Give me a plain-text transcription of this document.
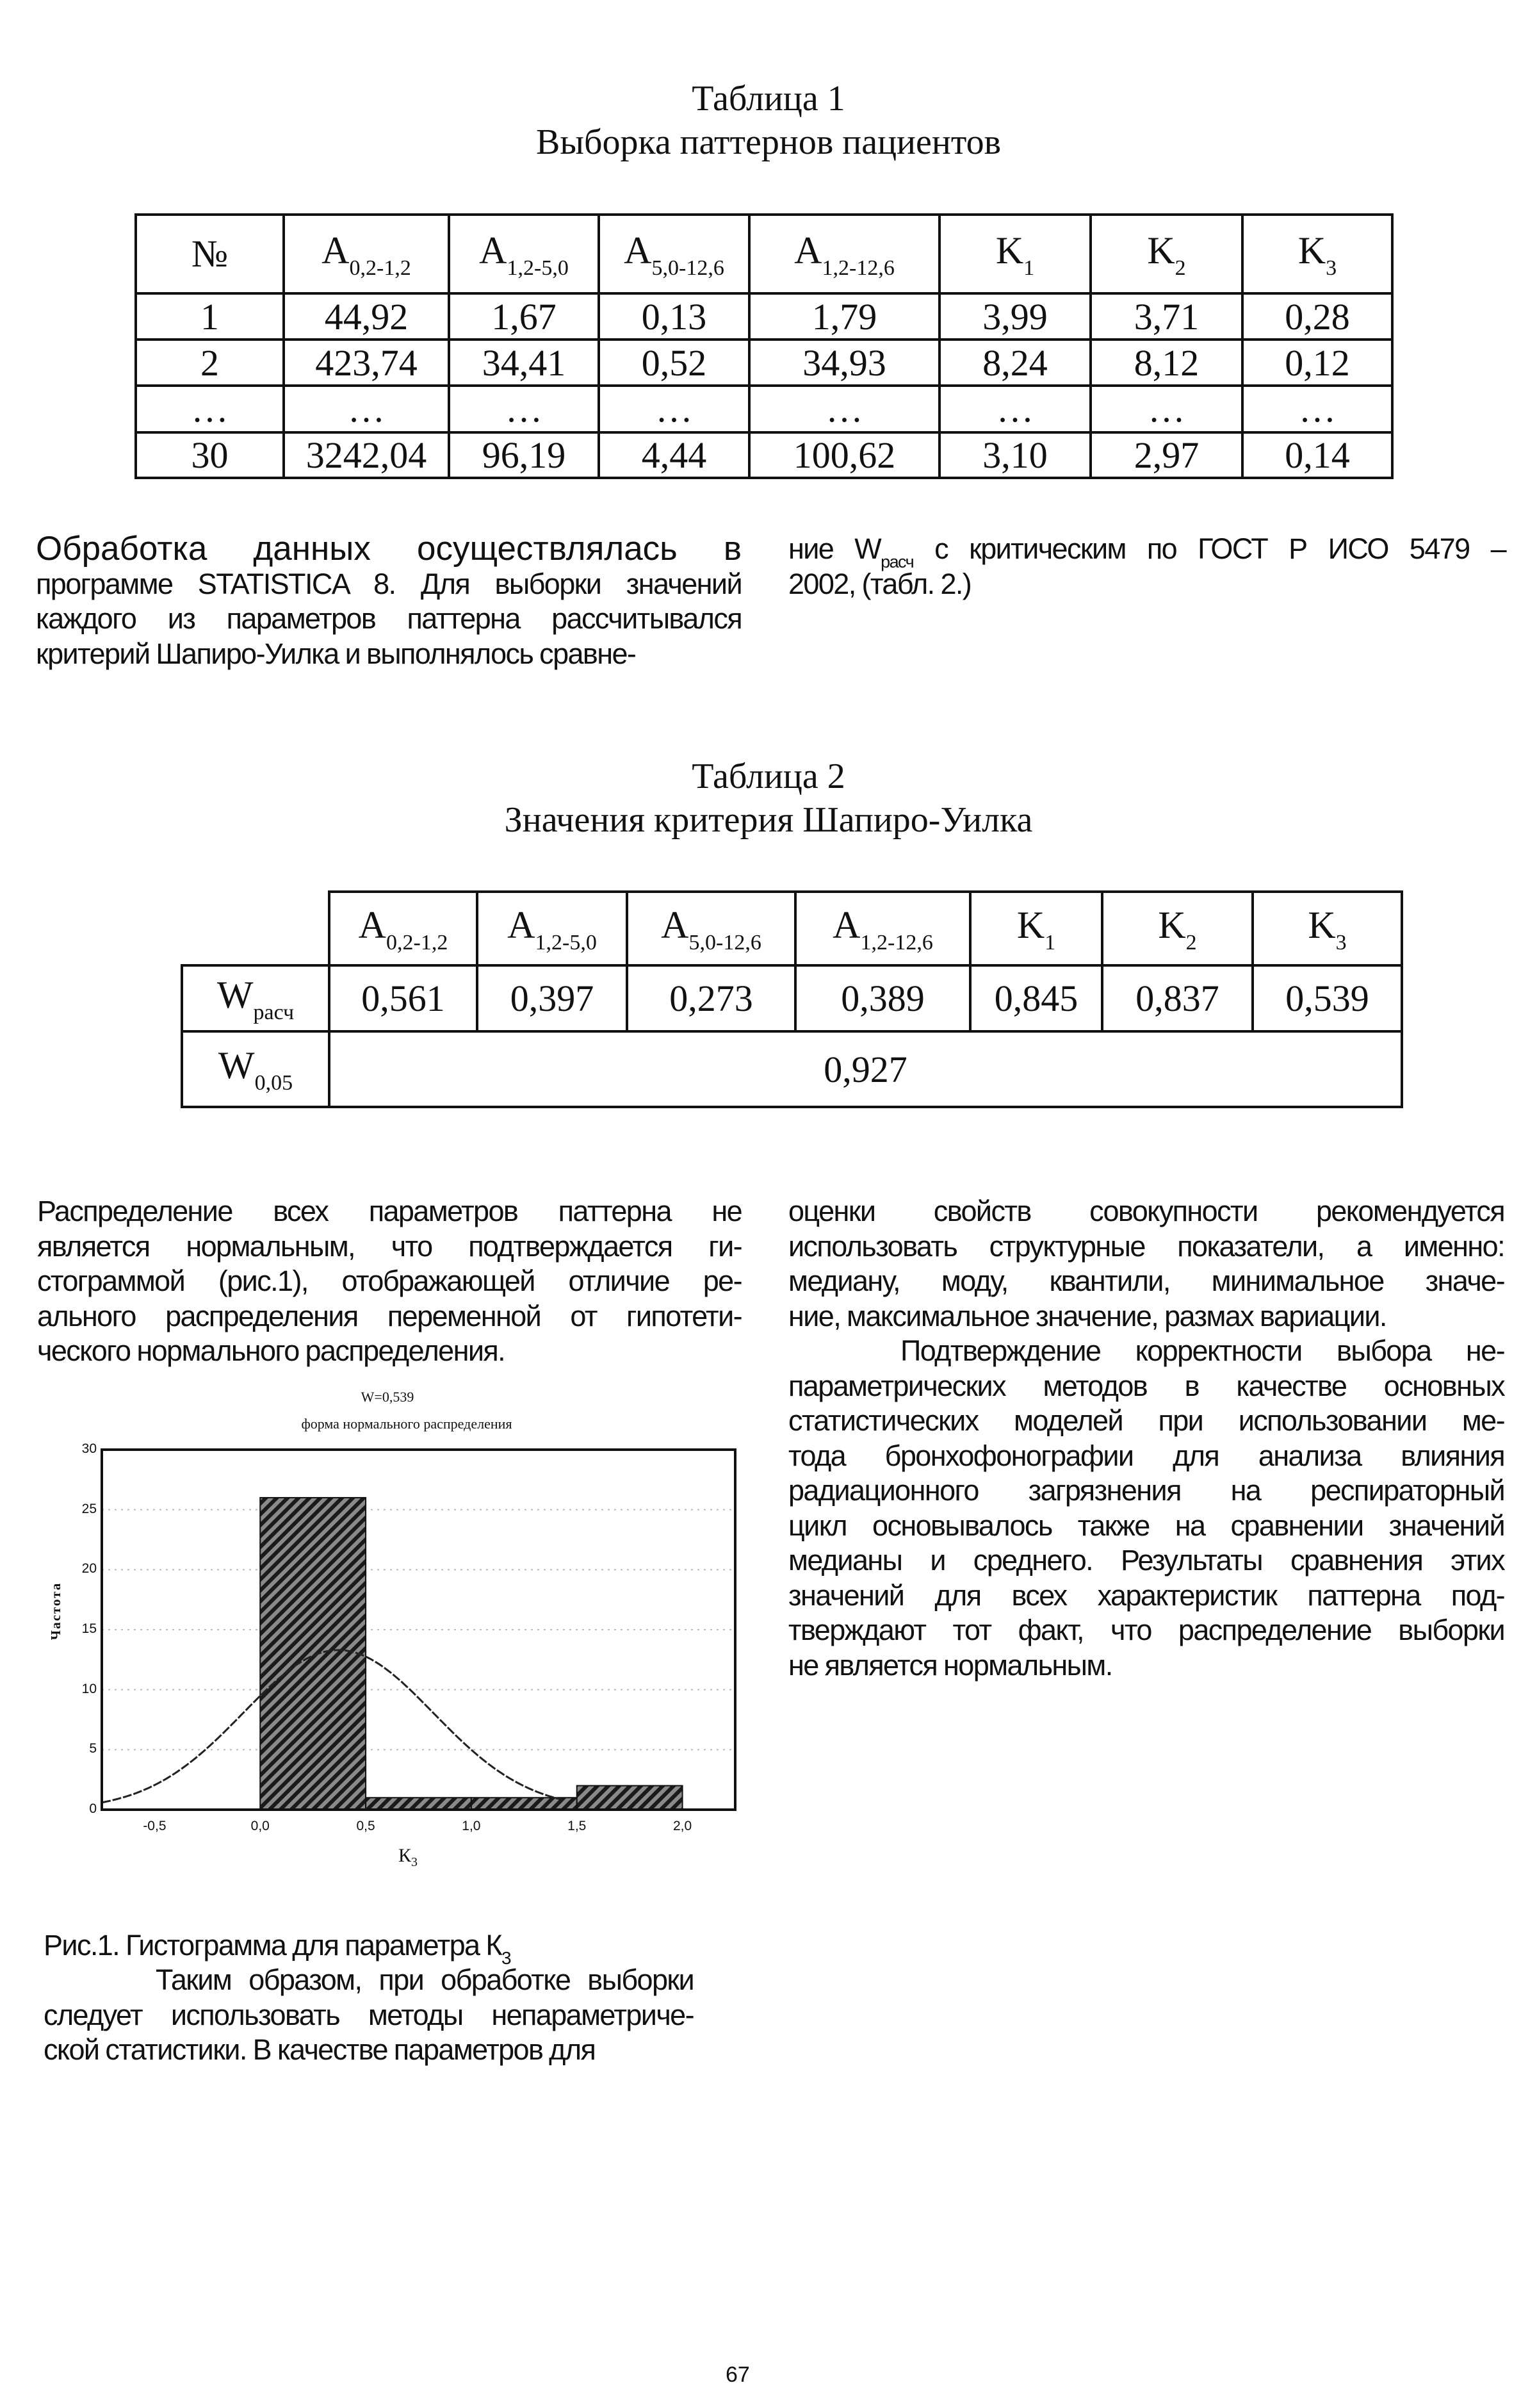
Таблица 1
Выборка паттернов пациентов
№	$A_{0,2-1,2}$	$A_{1,2-5,0}$	$A_{5,0-12,6}$	$A_{1,2-12,6}$	$K_1$	$K_2$	$K_3$
1	44,92	1,67	0,13	1,79	3,99	3,71	0,28
2	423,74	34,41	0,52	34,93	8,24	8,12	0,12
…	…	…	…	…	…	…	…
30	3242,04	96,19	4,44	100,62	3,10	2,97	0,14
Обработка данных осуществлялась в
программе STATISTICA 8. Для выборки значений
каждого из параметров паттерна рассчитывался
критерий Шапиро-Уилка и выполнялось сравне-
ние $W_{расч}$ с критическим по ГОСТ Р ИСО 5479 –
2002, (табл. 2.)
Таблица 2
Значения критерия Шапиро-Уилка
	$A_{0,2-1,2}$	$A_{1,2-5,0}$	$A_{5,0-12,6}$	$A_{1,2-12,6}$	$K_1$	$K_2$	$K_3$
$W_{расч}$	0,561	0,397	0,273	0,389	0,845	0,837	0,539
$W_{0,05}$	0,927						
Распределение всех параметров паттерна не
является нормальным, что подтверждается ги-
стограммой (рис.1), отображающей отличие ре-
ального распределения переменной от гипотети-
ческого нормального распределения.
оценки свойств совокупности рекомендуется
использовать структурные показатели, а именно:
медиану, моду, квантили, минимальное значе-
ние, максимальное значение, размах вариации.
Подтверждение корректности выбора не-
параметрических методов в качестве основных
статистических моделей при использовании ме-
тода бронхофонографии для анализа влияния
радиационного загрязнения на респираторный
цикл основывалось также на сравнении значений
медианы и среднего. Результаты сравнения этих
значений для всех характеристик паттерна под-
тверждают тот факт, что распределение выборки
не является нормальным.
W=0,539
форма нормального распределения
0
5
10
15
20
25
30
-0,5	0,0	0,5	1,0	1,5	2,0
Частота
$К_3$
Рис.1. Гистограмма для параметра $К_3$
Таким образом, при обработке выборки
следует использовать методы непараметриче-
ской статистики. В качестве параметров для
67
